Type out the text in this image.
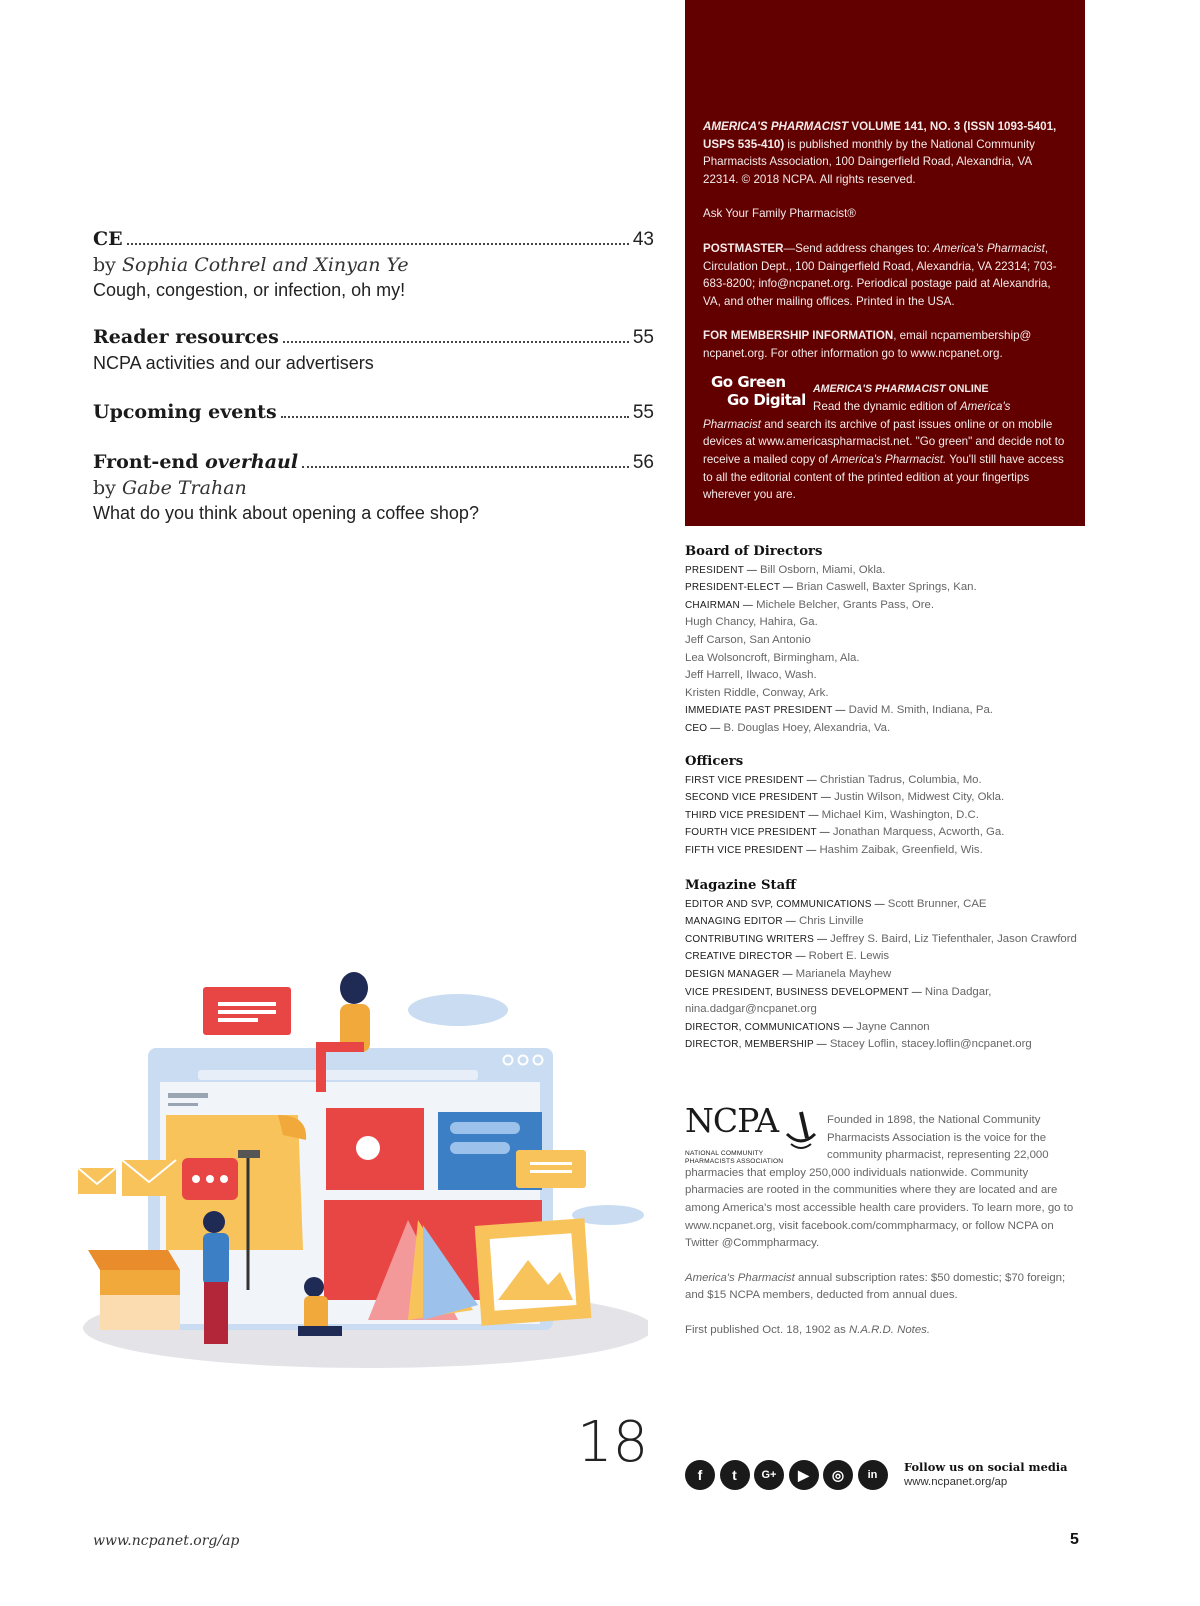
CE	43
by Sophia Cothrel and Xinyan Ye
Cough, congestion, or infection, oh my!
Reader resources	55
NCPA activities and our advertisers
Upcoming events	55
Front-end overhaul	56
by Gabe Trahan
What do you think about opening a coffee shop?

AMERICA'S PHARMACIST VOLUME 141, NO. 3 (ISSN 1093-5401, USPS 535-410) is published monthly by the National Community Pharmacists Association, 100 Daingerfield Road, Alexandria, VA 22314. © 2018 NCPA. All rights reserved.

Ask Your Family Pharmacist®

POSTMASTER—Send address changes to: America's Pharmacist, Circulation Dept., 100 Daingerfield Road, Alexandria, VA 22314; 703-683-8200; info@ncpanet.org. Periodical postage paid at Alexandria, VA, and other mailing offices. Printed in the USA.

FOR MEMBERSHIP INFORMATION, email ncpamembership@ ncpanet.org. For other information go to www.ncpanet.org.

Go Green
Go Digital
AMERICA'S PHARMACIST ONLINE
Read the dynamic edition of America's Pharmacist and search its archive of past issues online or on mobile devices at www.americaspharmacist.net. "Go green" and decide not to receive a mailed copy of America's Pharmacist. You'll still have access to all the editorial content of the printed edition at your fingertips wherever you are.
Board of Directors
PRESIDENT — Bill Osborn, Miami, Okla.
PRESIDENT-ELECT — Brian Caswell, Baxter Springs, Kan.
CHAIRMAN — Michele Belcher, Grants Pass, Ore.
Hugh Chancy, Hahira, Ga.
Jeff Carson, San Antonio
Lea Wolsoncroft, Birmingham, Ala.
Jeff Harrell, Ilwaco, Wash.
Kristen Riddle, Conway, Ark.
IMMEDIATE PAST PRESIDENT — David M. Smith, Indiana, Pa.
CEO — B. Douglas Hoey, Alexandria, Va.
Officers
FIRST VICE PRESIDENT — Christian Tadrus, Columbia, Mo.
SECOND VICE PRESIDENT — Justin Wilson, Midwest City, Okla.
THIRD VICE PRESIDENT — Michael Kim, Washington, D.C.
FOURTH VICE PRESIDENT — Jonathan Marquess, Acworth, Ga.
FIFTH VICE PRESIDENT — Hashim Zaibak, Greenfield, Wis.
Magazine Staff
EDITOR AND SVP, COMMUNICATIONS — Scott Brunner, CAE
MANAGING EDITOR — Chris Linville
CONTRIBUTING WRITERS — Jeffrey S. Baird, Liz Tiefenthaler, Jason Crawford
CREATIVE DIRECTOR — Robert E. Lewis
DESIGN MANAGER — Marianela Mayhew
VICE PRESIDENT, BUSINESS DEVELOPMENT — Nina Dadgar, nina.dadgar@ncpanet.org
DIRECTOR, COMMUNICATIONS — Jayne Cannon
DIRECTOR, MEMBERSHIP — Stacey Loflin, stacey.loflin@ncpanet.org
NCPA
NATIONAL COMMUNITY
PHARMACISTS ASSOCIATION

Founded in 1898, the National Community Pharmacists Association is the voice for the community pharmacist, representing 22,000 pharmacies that employ 250,000 individuals nationwide. Community pharmacies are rooted in the communities where they are located and are among America's most accessible health care providers. To learn more, go to www.ncpanet.org, visit facebook.com/commpharmacy, or follow NCPA on Twitter @Commpharmacy.

America's Pharmacist annual subscription rates: $50 domestic; $70 foreign; and $15 NCPA members, deducted from annual dues.

First published Oct. 18, 1902 as N.A.R.D. Notes.

f	t	G+	▶	◎	in
Follow us on social media
www.ncpanet.org/ap
18
www.ncpanet.org/ap	5
